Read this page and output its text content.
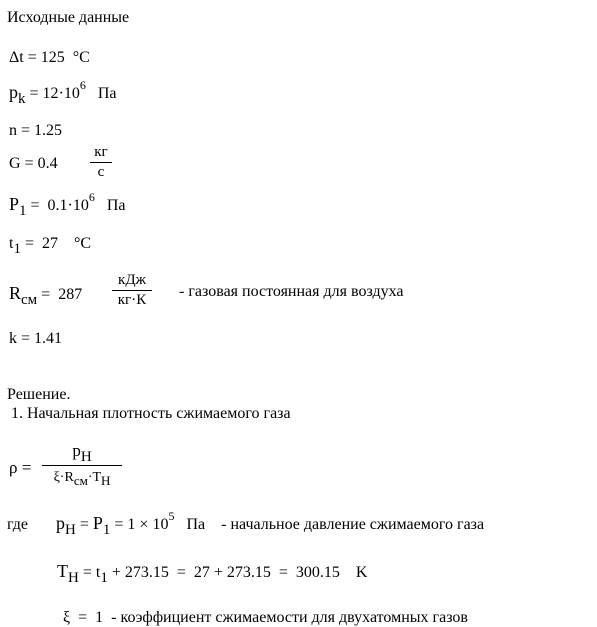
Исходные данные
Δt = 125 °C
pk = $12\cdot 10^6$ Па
n = 1.25
G = 0.4
кг
с
$P1 = 0.1\cdot 10^6$ Па
t1 =  27 °C
Rсм =  287
кДж
кг·К	- газовая постоянная для воздуха
k = 1.41
Решение.
1. Начальная плотность сжимаемого газа
ρ =
pH
ξ·Rсм·TH
где pH = $P1 = 1 \times 10^5$ Па - начальное давление сжимаемого газа
TH = t1 + 273.15  =  27 + 273.15  =  300.15 K
ξ  =  1 - коэффициент сжимаемости для двухатомных газов
